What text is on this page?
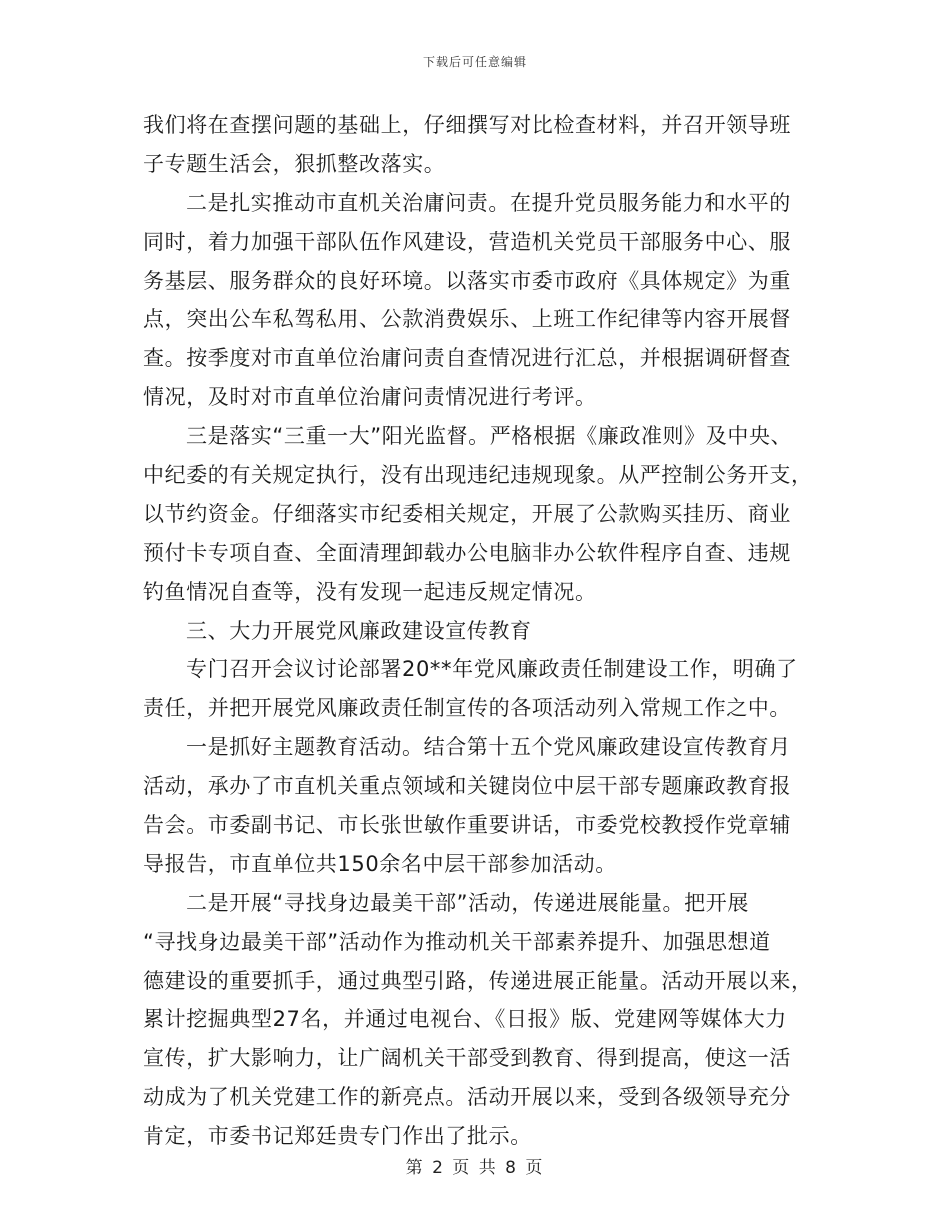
下载后可任意编辑
我们将在查摆问题的基础上，仔细撰写对比检查材料，并召开领导班
子专题生活会，狠抓整改落实。
二是扎实推动市直机关治庸问责。在提升党员服务能力和水平的
同时，着力加强干部队伍作风建设，营造机关党员干部服务中心、服
务基层、服务群众的良好环境。以落实市委市政府《具体规定》为重
点，突出公车私驾私用、公款消费娱乐、上班工作纪律等内容开展督
查。按季度对市直单位治庸问责自查情况进行汇总，并根据调研督查
情况，及时对市直单位治庸问责情况进行考评。
三是落实“三重一大”阳光监督。严格根据《廉政准则》及中央、
中纪委的有关规定执行，没有出现违纪违规现象。从严控制公务开支，
以节约资金。仔细落实市纪委相关规定，开展了公款购买挂历、商业
预付卡专项自查、全面清理卸载办公电脑非办公软件程序自查、违规
钓鱼情况自查等，没有发现一起违反规定情况。
三、大力开展党风廉政建设宣传教育
专门召开会议讨论部署20**年党风廉政责任制建设工作，明确了
责任，并把开展党风廉政责任制宣传的各项活动列入常规工作之中。
一是抓好主题教育活动。结合第十五个党风廉政建设宣传教育月
活动，承办了市直机关重点领域和关键岗位中层干部专题廉政教育报
告会。市委副书记、市长张世敏作重要讲话，市委党校教授作党章辅
导报告，市直单位共150余名中层干部参加活动。
二是开展“寻找身边最美干部”活动，传递进展能量。把开展
“寻找身边最美干部”活动作为推动机关干部素养提升、加强思想道
德建设的重要抓手，通过典型引路，传递进展正能量。活动开展以来，
累计挖掘典型27名，并通过电视台、《日报》版、党建网等媒体大力
宣传，扩大影响力，让广阔机关干部受到教育、得到提高，使这一活
动成为了机关党建工作的新亮点。活动开展以来，受到各级领导充分
肯定，市委书记郑廷贵专门作出了批示。
第 2 页 共 8 页
